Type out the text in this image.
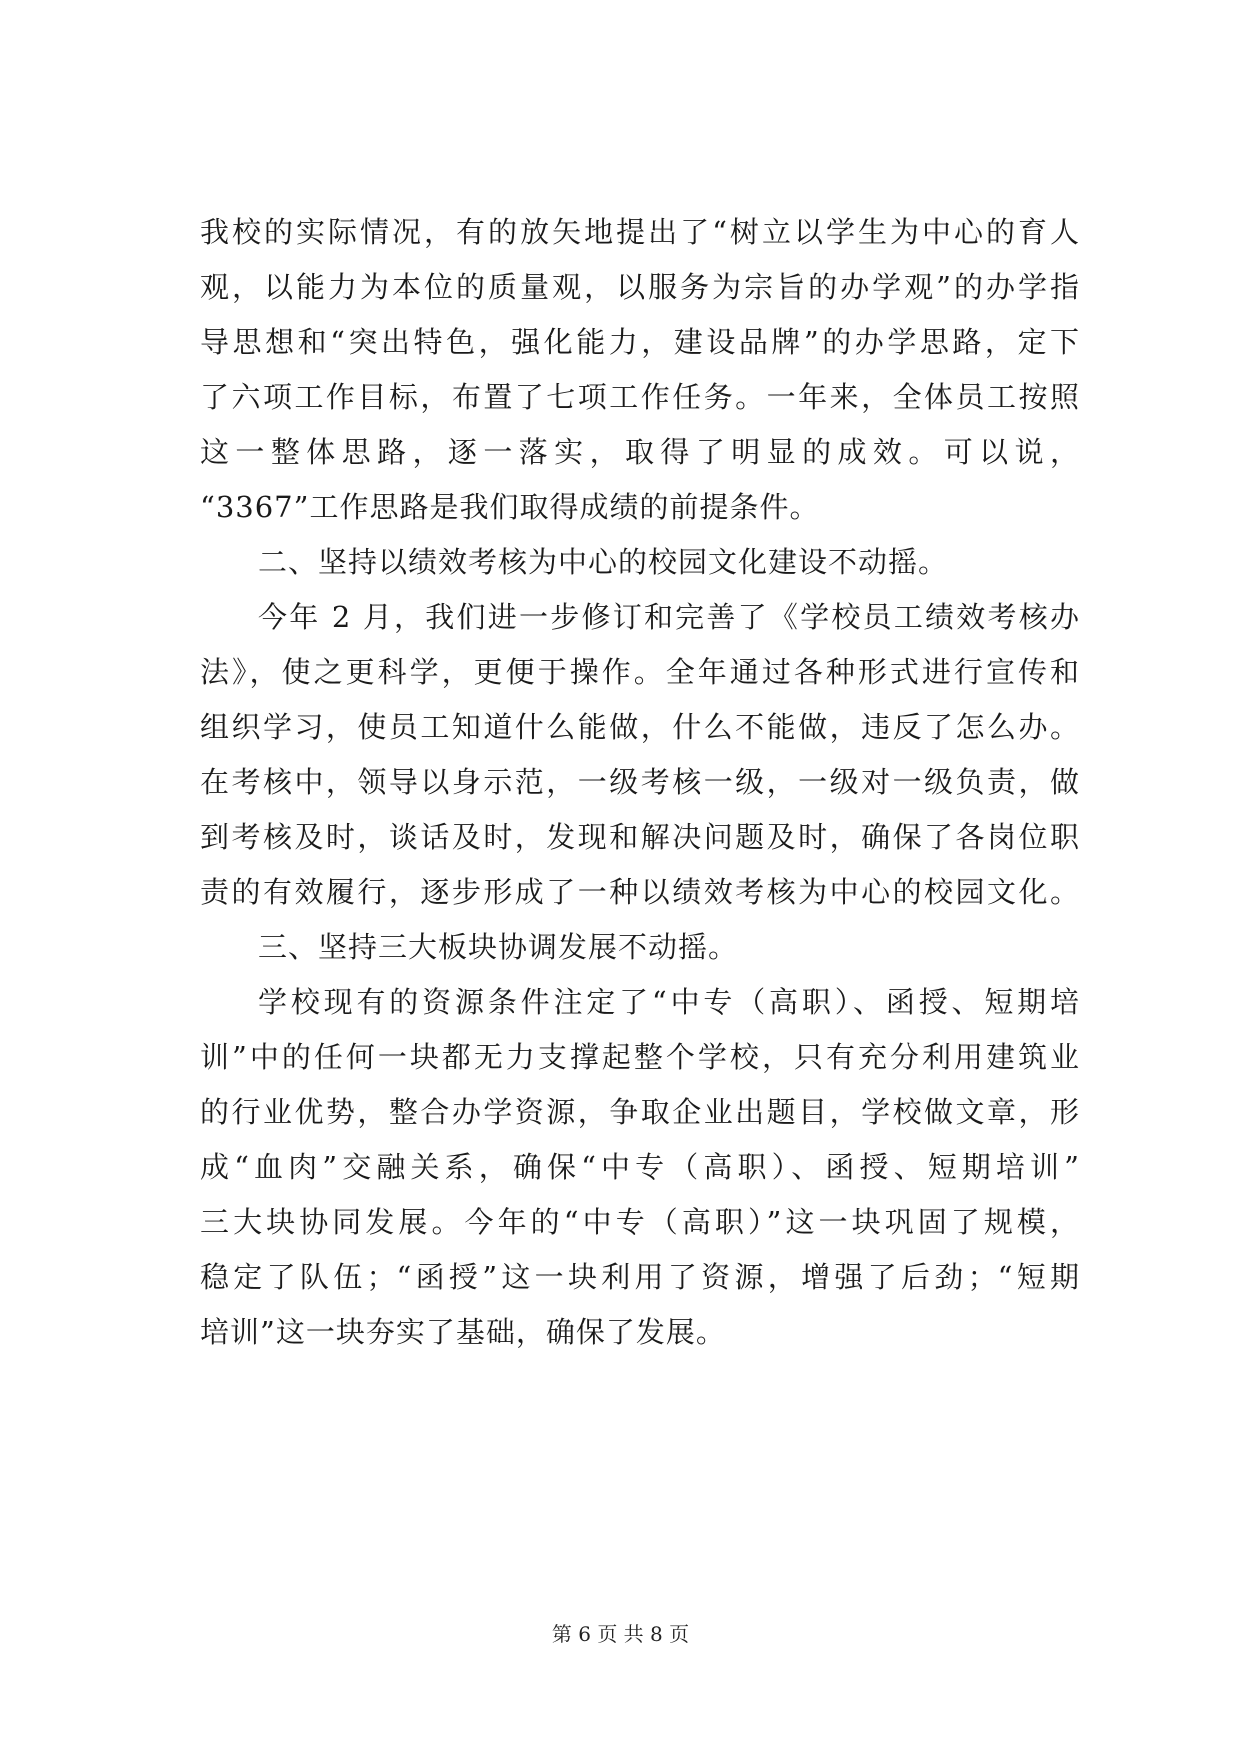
我校的实际情况，有的放矢地提出了“树立以学生为中心的育人
观，以能力为本位的质量观，以服务为宗旨的办学观”的办学指
导思想和“突出特色，强化能力，建设品牌”的办学思路，定下
了六项工作目标，布置了七项工作任务。一年来，全体员工按照
这一整体思路，逐一落实，取得了明显的成效。可以说，
“3367”工作思路是我们取得成绩的前提条件。
二、坚持以绩效考核为中心的校园文化建设不动摇。
今年 2 月，我们进一步修订和完善了《学校员工绩效考核办
法》，使之更科学，更便于操作。全年通过各种形式进行宣传和
组织学习，使员工知道什么能做，什么不能做，违反了怎么办。
在考核中，领导以身示范，一级考核一级，一级对一级负责，做
到考核及时，谈话及时，发现和解决问题及时，确保了各岗位职
责的有效履行，逐步形成了一种以绩效考核为中心的校园文化。
三、坚持三大板块协调发展不动摇。
学校现有的资源条件注定了“中专（高职）、函授、短期培
训”中的任何一块都无力支撑起整个学校，只有充分利用建筑业
的行业优势，整合办学资源，争取企业出题目，学校做文章，形
成“血肉”交融关系，确保“中专（高职）、函授、短期培训”
三大块协同发展。今年的“中专（高职）”这一块巩固了规模，
稳定了队伍；“函授”这一块利用了资源，增强了后劲；“短期
培训”这一块夯实了基础，确保了发展。
第 6 页 共 8 页
